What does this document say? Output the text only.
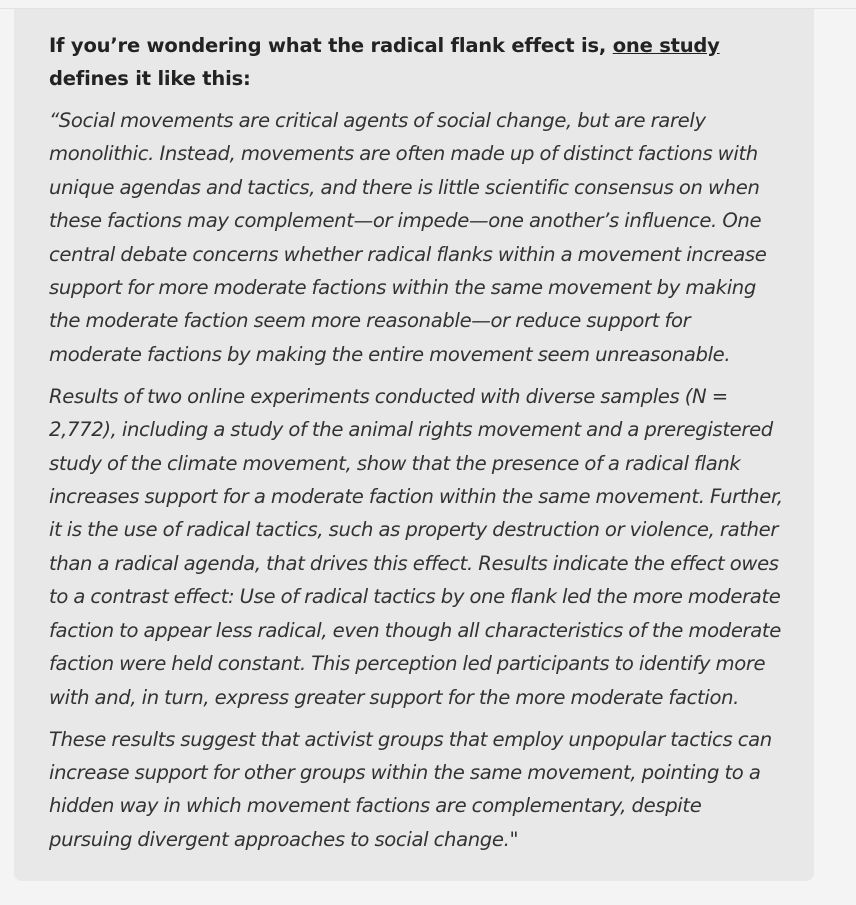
If you’re wondering what the radical flank effect is, one study defines it like this:

“Social movements are critical agents of social change, but are rarely monolithic. Instead, movements are often made up of distinct factions with unique agendas and tactics, and there is little scientific consensus on when these factions may complement—or impede—one another’s influence. One central debate concerns whether radical flanks within a movement increase support for more moderate factions within the same movement by making the moderate faction seem more reasonable—or reduce support for moderate factions by making the entire movement seem unreasonable.

Results of two online experiments conducted with diverse samples (N = 2,772), including a study of the animal rights movement and a preregistered study of the climate movement, show that the presence of a radical flank increases support for a moderate faction within the same movement. Further, it is the use of radical tactics, such as property destruction or violence, rather than a radical agenda, that drives this effect. Results indicate the effect owes to a contrast effect: Use of radical tactics by one flank led the more moderate faction to appear less radical, even though all characteristics of the moderate faction were held constant. This perception led participants to identify more with and, in turn, express greater support for the more moderate faction.

These results suggest that activist groups that employ unpopular tactics can increase support for other groups within the same movement, pointing to a hidden way in which movement factions are complementary, despite pursuing divergent approaches to social change."
